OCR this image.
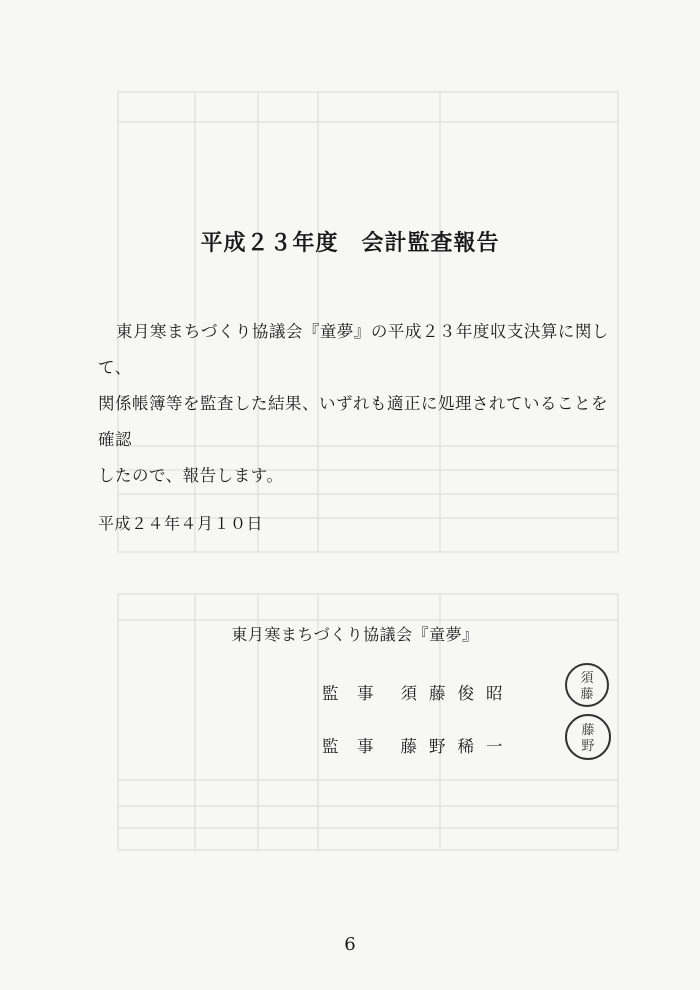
平成２３年度　会計監査報告

東月寒まちづくり協議会『童夢』の平成２３年度収支決算に関して、

関係帳簿等を監査した結果、いずれも適正に処理されていることを確認
したので、報告します。
平成２４年４月１０日
東月寒まちづくり協議会『童夢』
監　事 須藤俊昭
須
藤
監　事 藤野稀一
藤
野
6
